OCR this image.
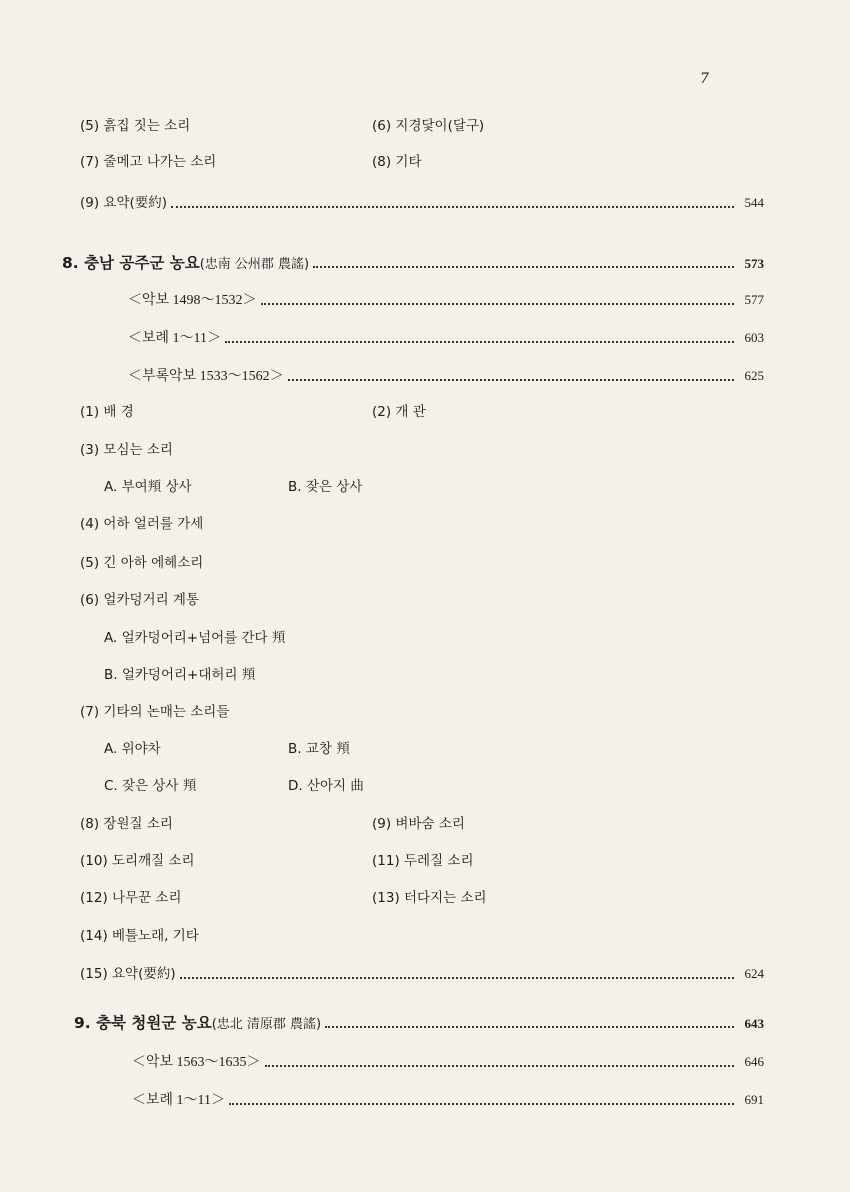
7
(5) 흙집 짓는 소리	(6) 지경닻이(달구)
(7) 줄메고 나가는 소리	(8) 기타
(9) 요약(要約)	544
8. 충남 공주군 농요 (忠南 公州郡 農謠)	573
＜악보 1498～1532＞	577
＜보례 1～11＞	603
＜부록악보 1533～1562＞	625
(1) 배 경	(2) 개 관
(3) 모심는 소리
A. 부여頖 상사	B. 잦은 상사
(4) 어하 얼러를 가세
(5) 긴 아하 에헤소리
(6) 얼카덩거리 계통
A. 얼카덩어리+넘어를 간다 頖
B. 얼카덩어리+대허리 頖
(7) 기타의 논매는 소리들
A. 위야차	B. 교창 頖
C. 잦은 상사 頖	D. 산아지 曲
(8) 장원질 소리	(9) 벼바숨 소리
(10) 도리깨질 소리	(11) 두레질 소리
(12) 나무꾼 소리	(13) 터다지는 소리
(14) 베틀노래, 기타
(15) 요약(要約)	624
9. 충북 청원군 농요 (忠北 清原郡 農謠)	643
＜악보 1563～1635＞	646
＜보례 1～11＞	691
